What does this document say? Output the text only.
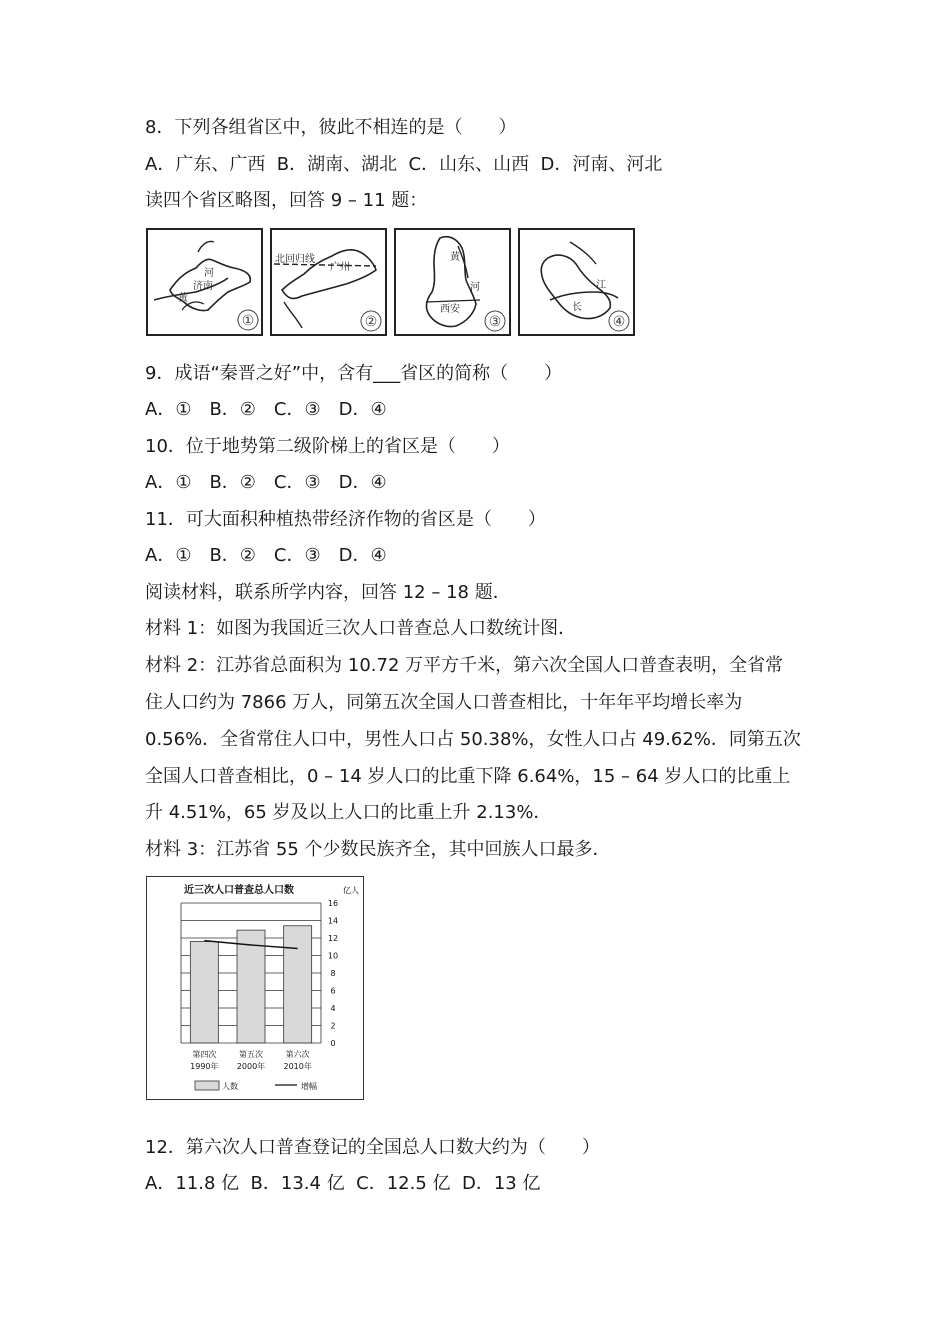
8．下列各组省区中，彼此不相连的是（　　）
A．广东、广西  B．湖南、湖北  C．山东、山西  D．河南、河北
读四个省区略图，回答 9 – 11 题：
河
济南
黄
①
北回归线
广州
②
黄
河
西安
③
江
长
④
9．成语“秦晋之好”中，含有___省区的简称（　　）
A．①　B．②　C．③　D．④
10．位于地势第二级阶梯上的省区是（　　）
A．①　B．②　C．③　D．④
11．可大面积种植热带经济作物的省区是（　　）
A．①　B．②　C．③　D．④
阅读材料，联系所学内容，回答 12 – 18 题．
材料 1：如图为我国近三次人口普查总人口数统计图．
材料 2：江苏省总面积为 10.72 万平方千米，第六次全国人口普查表明，全省常
住人口约为 7866 万人，同第五次全国人口普查相比，十年年平均增长率为
0.56%．全省常住人口中，男性人口占 50.38%，女性人口占 49.62%．同第五次
全国人口普查相比，0 – 14 岁人口的比重下降 6.64%，15 – 64 岁人口的比重上
升 4.51%，65 岁及以上人口的比重上升 2.13%．
材料 3：江苏省 55 个少数民族齐全，其中回族人口最多．
近三次人口普查总人口数	亿人
0
2
4
6
8
10
12
14
16
第四次
1990年
第五次
2000年
第六次
2010年
人数	增幅
12．第六次人口普查登记的全国总人口数大约为（　　）
A．11.8 亿  B．13.4 亿  C．12.5 亿  D．13 亿
